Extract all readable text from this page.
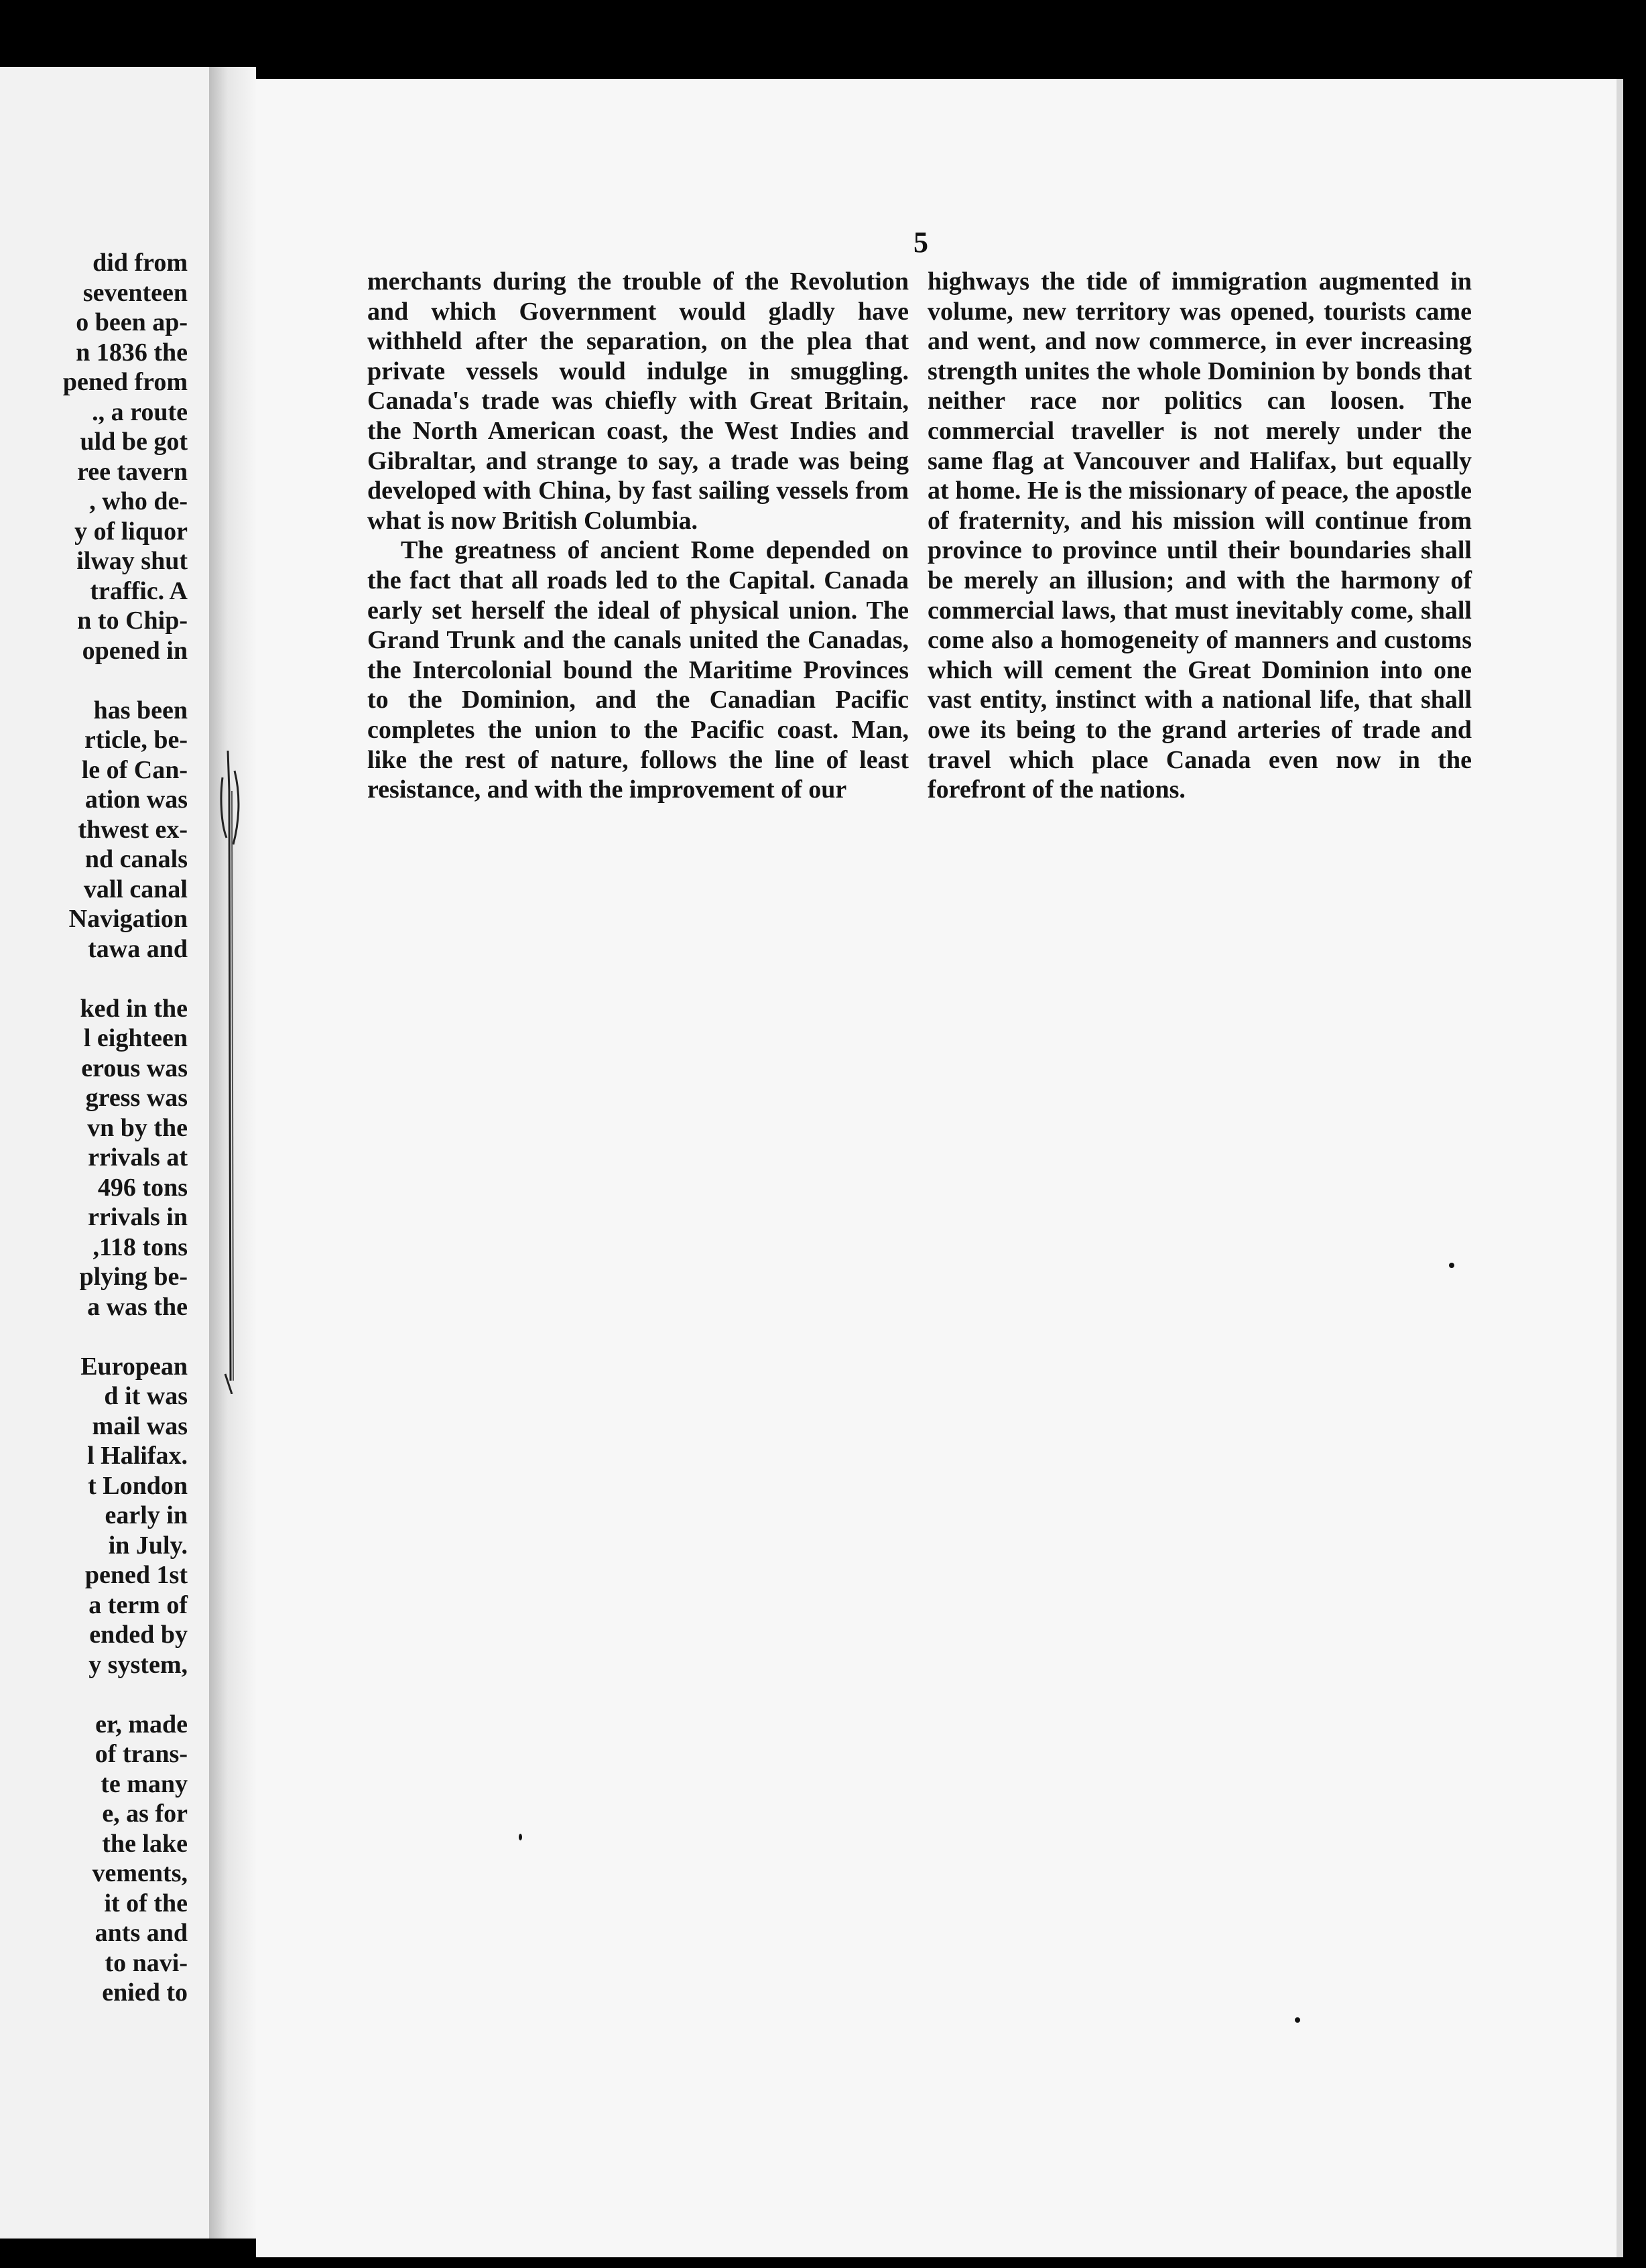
did from
seventeen
o been ap-
n 1836 the
pened from
., a route
uld be got
ree tavern
, who de-
y of liquor
ilway shut
traffic. A
n to Chip-
opened in
has been
rticle, be-
le of Can-
ation was
thwest ex-
nd canals
vall canal
Navigation
tawa and
ked in the
l eighteen
erous was
gress was
vn by the
rrivals at
496 tons
rrivals in
,118 tons
plying be-
a was the
European
d it was
mail was
l Halifax.
t London
early in
in July.
pened 1st
a term of
ended by
y system,
er, made
of trans-
te many
e, as for
the lake
vements,
it of the
ants and
to navi-
enied to
5

merchants during the trouble of the Revolution and which Government would gladly have withheld after the separation, on the plea that private vessels would indulge in smuggling. Canada's trade was chiefly with Great Britain, the North American coast, the West Indies and Gibraltar, and strange to say, a trade was being developed with China, by fast sailing vessels from what is now British Columbia.

The greatness of ancient Rome depended on the fact that all roads led to the Capital. Canada early set herself the ideal of physical union. The Grand Trunk and the canals united the Canadas, the Intercolonial bound the Maritime Provinces to the Dominion, and the Canadian Pacific completes the union to the Pacific coast. Man, like the rest of nature, follows the line of least resistance, and with the improvement of our

highways the tide of immigration augmented in volume, new territory was opened, tourists came and went, and now commerce, in ever increasing strength unites the whole Dominion by bonds that neither race nor politics can loosen. The commercial traveller is not merely under the same flag at Vancouver and Halifax, but equally at home. He is the missionary of peace, the apostle of fraternity, and his mission will continue from province to province until their boundaries shall be merely an illusion; and with the harmony of commercial laws, that must inevitably come, shall come also a homogeneity of manners and customs which will cement the Great Dominion into one vast entity, instinct with a national life, that shall owe its being to the grand arteries of trade and travel which place Canada even now in the forefront of the nations.
